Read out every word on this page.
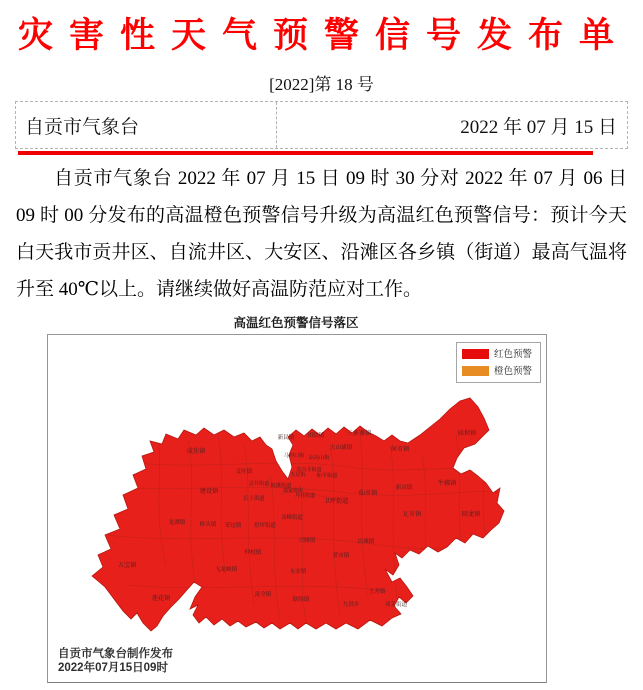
灾害性天气预警信号发布单
[2022]第 18 号
自贡市气象台	2022 年 07 月 15 日

自贡市气象台 2022 年 07 月 15 日 09 时 30 分对 2022 年 07 月 06 日 09 时 00 分发布的高温橙色预警信号升级为高温红色预警信号：预计今天白天我市贡井区、自流井区、大安区、沿滩区各乡镇（街道）最高气温将升至 40℃以上。请继续做好高温防范应对工作。

高温红色预警信号落区
成佳镇
新民镇 团结镇	三多寨镇
大山铺镇	何市镇
庙坝镇
牛佛镇
新店镇
仙市镇
回龙镇
瓦市镇
卫坪街道
沿滩镇
黄市镇
王井镇
九洪乡	邓关街道
永安镇
联络镇
富全镇
莲花镇
五宝镇
飞龙峡镇
仲权镇
兴隆镇
荣边镇
桥头镇
龙潭镇
建设镇
艾叶镇
长土街道
舒坪街道
高峰街道
马冲口街 凉高山街
和平街道
贡井街道 筱溪街道
东兴寺街道
五星街
郭家坳街
丹桂街道
红色预警
橙色预警
自贡市气象台制作发布
2022年07月15日09时
